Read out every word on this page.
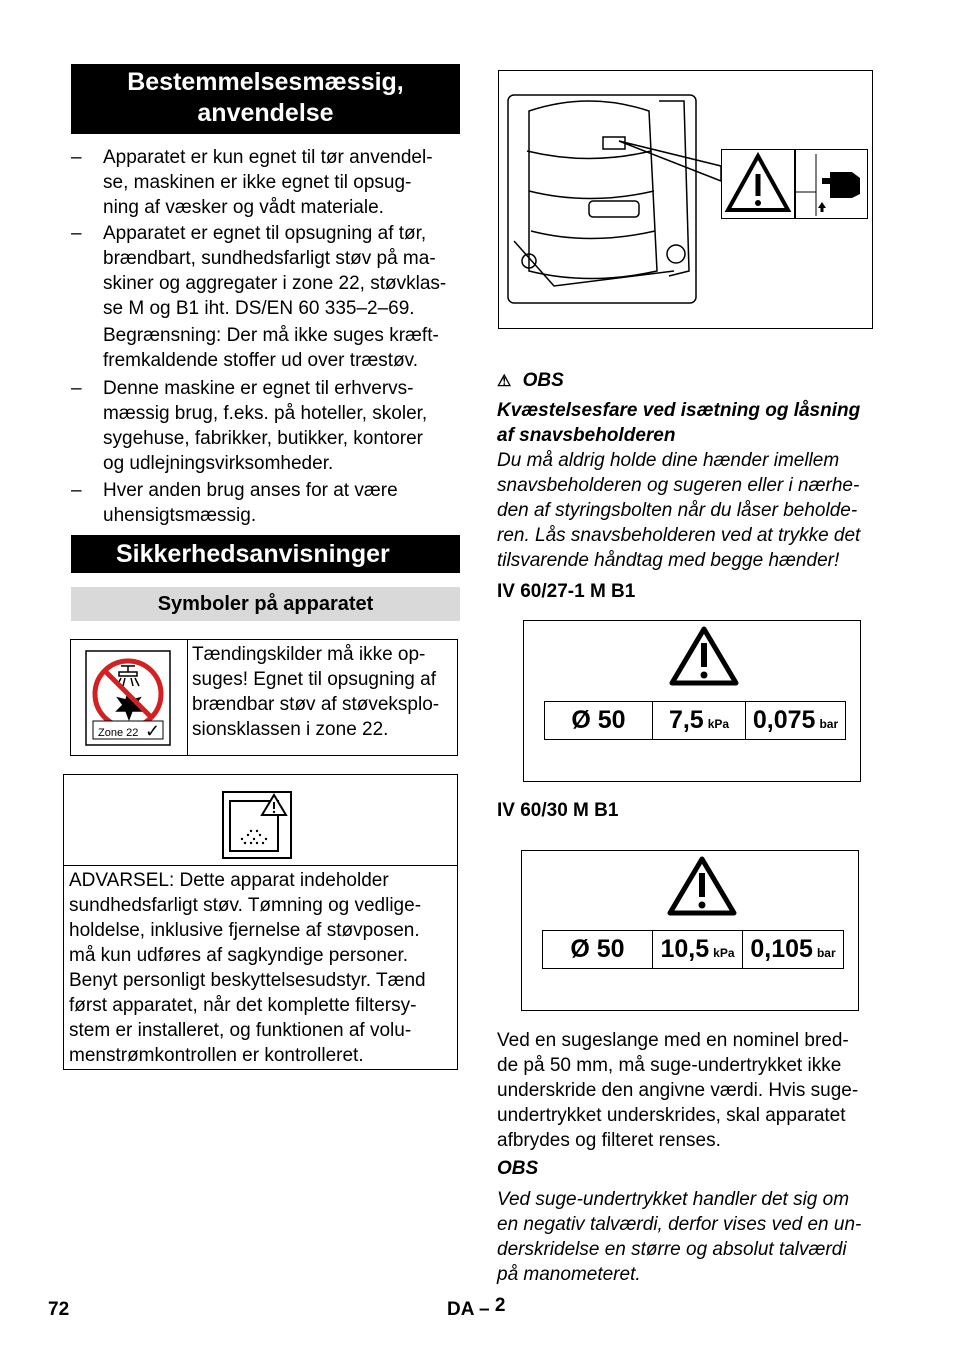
Bestemmelsesmæssig,
anvendelse
– Apparatet er kun egnet til tør anvendel-
se, maskinen er ikke egnet til opsug-
ning af væsker og vådt materiale.
– Apparatet er egnet til opsugning af tør,
brændbart, sundhedsfarligt støv på ma-
skiner og aggregater i zone 22, støvklas-
se M og B1 iht. DS/EN 60 335–2–69.
Begrænsning: Der må ikke suges kræft-
fremkaldende stoffer ud over træstøv.
– Denne maskine er egnet til erhvervs-
mæssig brug, f.eks. på hoteller, skoler,
sygehuse, fabrikker, butikker, kontorer
og udlejningsvirksomheder.
– Hver anden brug anses for at være
uhensigtsmæssig.
Sikkerhedsanvisninger
Symboler på apparatet
Zone 22 ✓
Tændingskilder må ikke op-
suges! Egnet til opsugning af
brændbar støv af støveksplo-
sionsklassen i zone 22.
ADVARSEL: Dette apparat indeholder
sundhedsfarligt støv. Tømning og vedlige-
holdelse, inklusive fjernelse af støvposen.
må kun udføres af sagkyndige personer.
Benyt personligt beskyttelsesudstyr. Tænd
først apparatet, når det komplette filtersy-
stem er installeret, og funktionen af volu-
menstrømkontrollen er kontrolleret.
⚠ OBS
Kvæstelsesfare ved isætning og låsning
af snavsbeholderen
Du må aldrig holde dine hænder imellem
snavsbeholderen og sugeren eller i nærhe-
den af styringsbolten når du låser beholde-
ren. Lås snavsbeholderen ved at trykke det
tilsvarende håndtag med begge hænder!
IV 60/27-1 M B1
Ø 50	7,5 kPa 0,075 bar
IV 60/30 M B1
Ø 50	10,5 kPa 0,105 bar
Ved en sugeslange med en nominel bred-
de på 50 mm, må suge-undertrykket ikke
underskride den angivne værdi. Hvis suge-
undertrykket underskrides, skal apparatet
afbrydes og filteret renses.
OBS
Ved suge-undertrykket handler det sig om
en negativ talværdi, derfor vises ved en un-
derskridelse en større og absolut talværdi
på manometeret.
72	DA – 2
